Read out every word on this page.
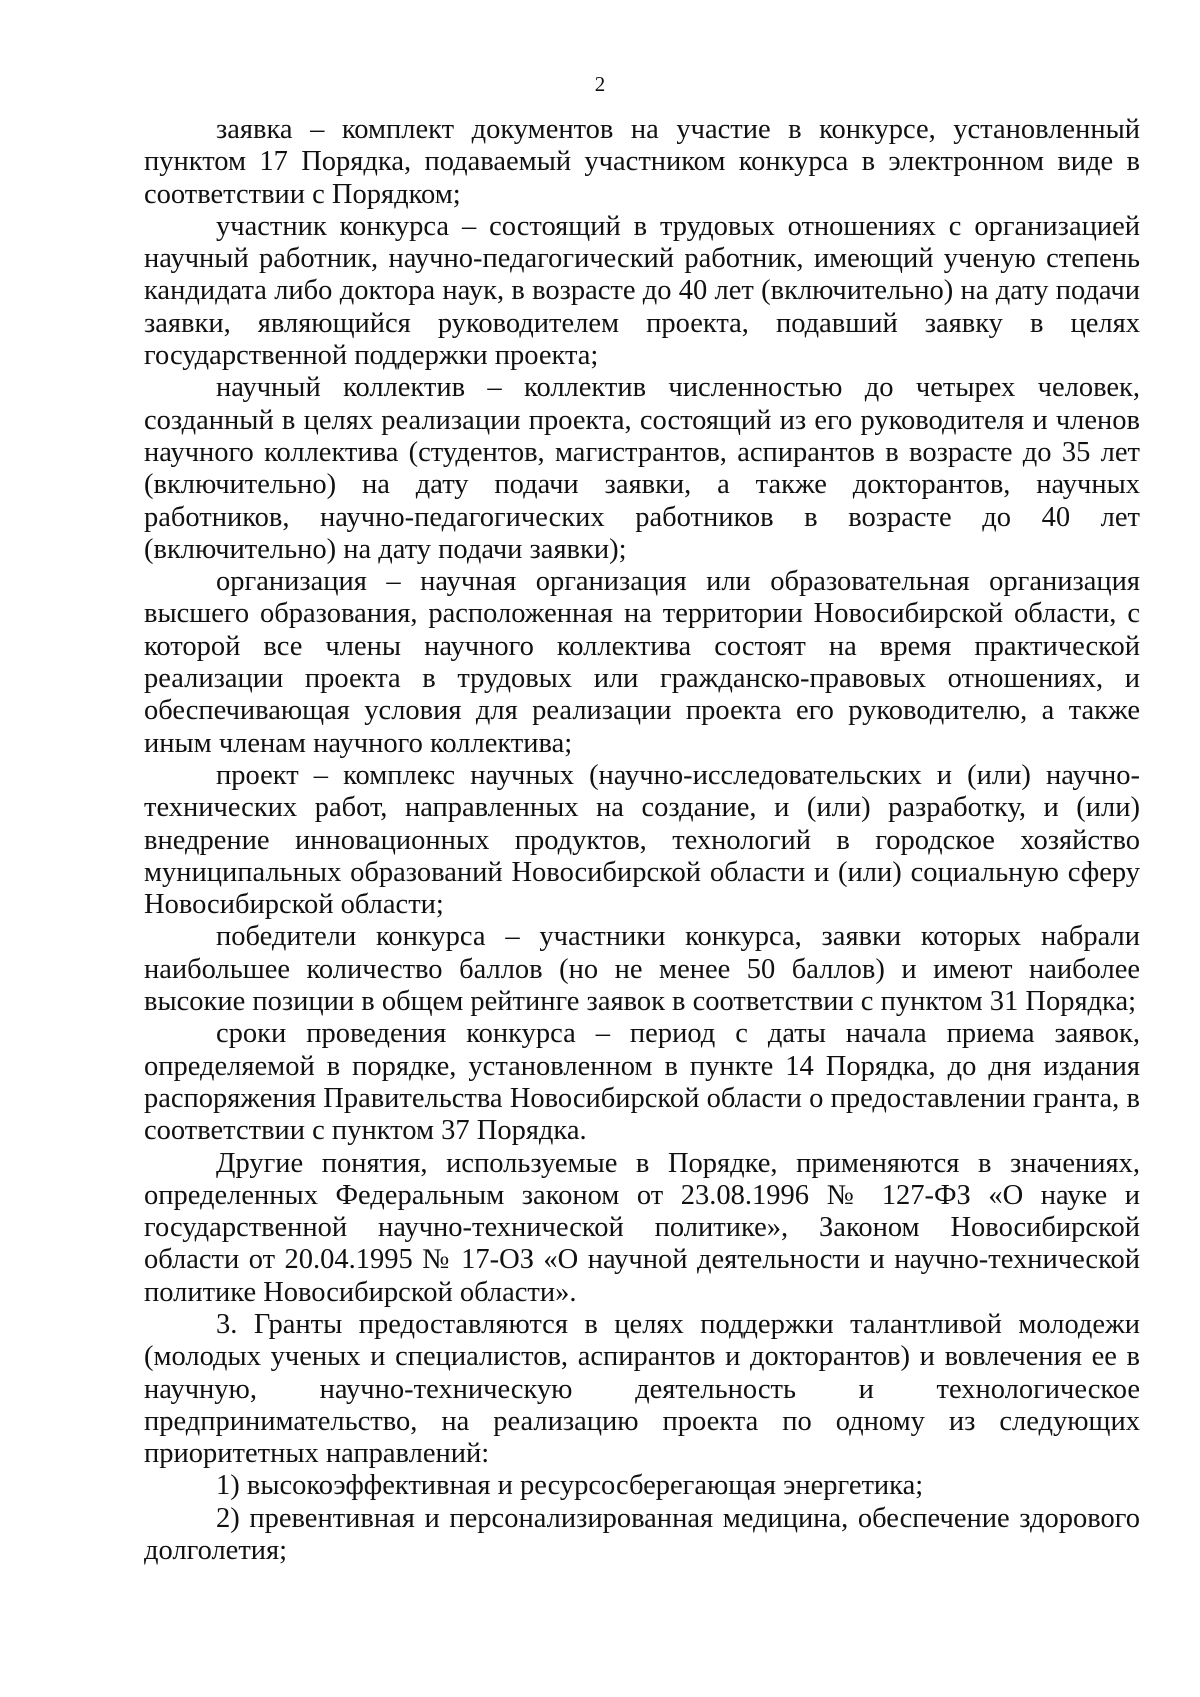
2

заявка – комплект документов на участие в конкурсе, установленный пунктом 17 Порядка, подаваемый участником конкурса в электронном виде в соответствии с Порядком;

участник конкурса – состоящий в трудовых отношениях с организацией научный работник, научно-педагогический работник, имеющий ученую степень кандидата либо доктора наук, в возрасте до 40 лет (включительно) на дату подачи заявки, являющийся руководителем проекта, подавший заявку в целях государственной поддержки проекта;

научный коллектив – коллектив численностью до четырех человек, созданный в целях реализации проекта, состоящий из его руководителя и членов научного коллектива (студентов, магистрантов, аспирантов в возрасте до 35 лет (включительно) на дату подачи заявки, а также докторантов, научных работников, научно-педагогических работников в возрасте до 40 лет (включительно) на дату подачи заявки);

организация – научная организация или образовательная организация высшего образования, расположенная на территории Новосибирской области, с которой все члены научного коллектива состоят на время практической реализации проекта в трудовых или гражданско-правовых отношениях, и обеспечивающая условия для реализации проекта его руководителю, а также иным членам научного коллектива;

проект – комплекс научных (научно-исследовательских и (или) научно-технических работ, направленных на создание, и (или) разработку, и (или) внедрение инновационных продуктов, технологий в городское хозяйство муниципальных образований Новосибирской области и (или) социальную сферу Новосибирской области;

победители конкурса – участники конкурса, заявки которых набрали наибольшее количество баллов (но не менее 50 баллов) и имеют наиболее высокие позиции в общем рейтинге заявок в соответствии с пунктом 31 Порядка;

сроки проведения конкурса – период с даты начала приема заявок, определяемой в порядке, установленном в пункте 14 Порядка, до дня издания распоряжения Правительства Новосибирской области о предоставлении гранта, в соответствии с пунктом 37 Порядка.

Другие понятия, используемые в Порядке, применяются в значениях, определенных Федеральным законом от 23.08.1996 № 127-ФЗ «О науке и государственной научно-технической политике», Законом Новосибирской области от 20.04.1995 № 17-ОЗ «О научной деятельности и научно-технической политике Новосибирской области».

3. Гранты предоставляются в целях поддержки талантливой молодежи (молодых ученых и специалистов, аспирантов и докторантов) и вовлечения ее в научную, научно-техническую деятельность и технологическое предпринимательство, на реализацию проекта по одному из следующих приоритетных направлений:

1) высокоэффективная и ресурсосберегающая энергетика;

2) превентивная и персонализированная медицина, обеспечение здорового долголетия;
